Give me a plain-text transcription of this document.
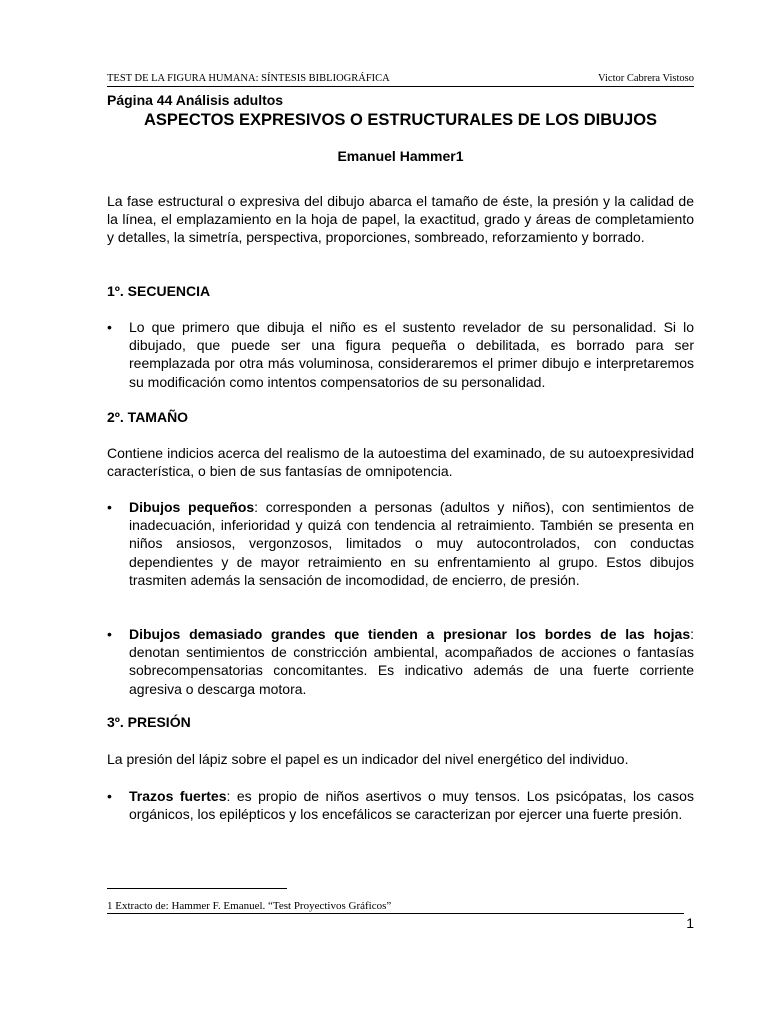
TEST DE LA FIGURA HUMANA: SÍNTESIS BIBLIOGRÁFICA	Victor Cabrera Vistoso
Página 44 Análisis adultos
ASPECTOS EXPRESIVOS O ESTRUCTURALES DE LOS DIBUJOS
Emanuel Hammer1

La fase estructural o expresiva del dibujo abarca el tamaño de éste, la presión y la calidad de la línea, el emplazamiento en la hoja de papel, la exactitud, grado y áreas de completamiento y detalles, la simetría, perspectiva, proporciones, sombreado, reforzamiento y borrado.

1º. SECUENCIA

•	Lo que primero que dibuja el niño es el sustento revelador de su personalidad. Si lo dibujado, que puede ser una figura pequeña o debilitada, es borrado para ser reemplazada por otra más voluminosa, consideraremos el primer dibujo e interpretaremos su modificación como intentos compensatorios de su personalidad.

2º. TAMAÑO

Contiene indicios acerca del realismo de la autoestima del examinado, de su autoexpresividad característica, o bien de sus fantasías de omnipotencia.

•	Dibujos pequeños: corresponden a personas (adultos y niños), con sentimientos de inadecuación, inferioridad y quizá con tendencia al retraimiento. También se presenta en niños ansiosos, vergonzosos, limitados o muy autocontrolados, con conductas dependientes y de mayor retraimiento en su enfrentamiento al grupo. Estos dibujos trasmiten además la sensación de incomodidad, de encierro, de presión.
•	Dibujos demasiado grandes que tienden a presionar los bordes de las hojas: denotan sentimientos de constricción ambiental, acompañados de acciones o fantasías sobrecompensatorias concomitantes. Es indicativo además de una fuerte corriente agresiva o descarga motora.

3º. PRESIÓN

La presión del lápiz sobre el papel es un indicador del nivel energético del individuo.

•	Trazos fuertes: es propio de niños asertivos o muy tensos. Los psicópatas, los casos orgánicos, los epilépticos y los encefálicos se caracterizan por ejercer una fuerte presión.
1 Extracto de: Hammer F. Emanuel. “Test Proyectivos Gráficos”
1
